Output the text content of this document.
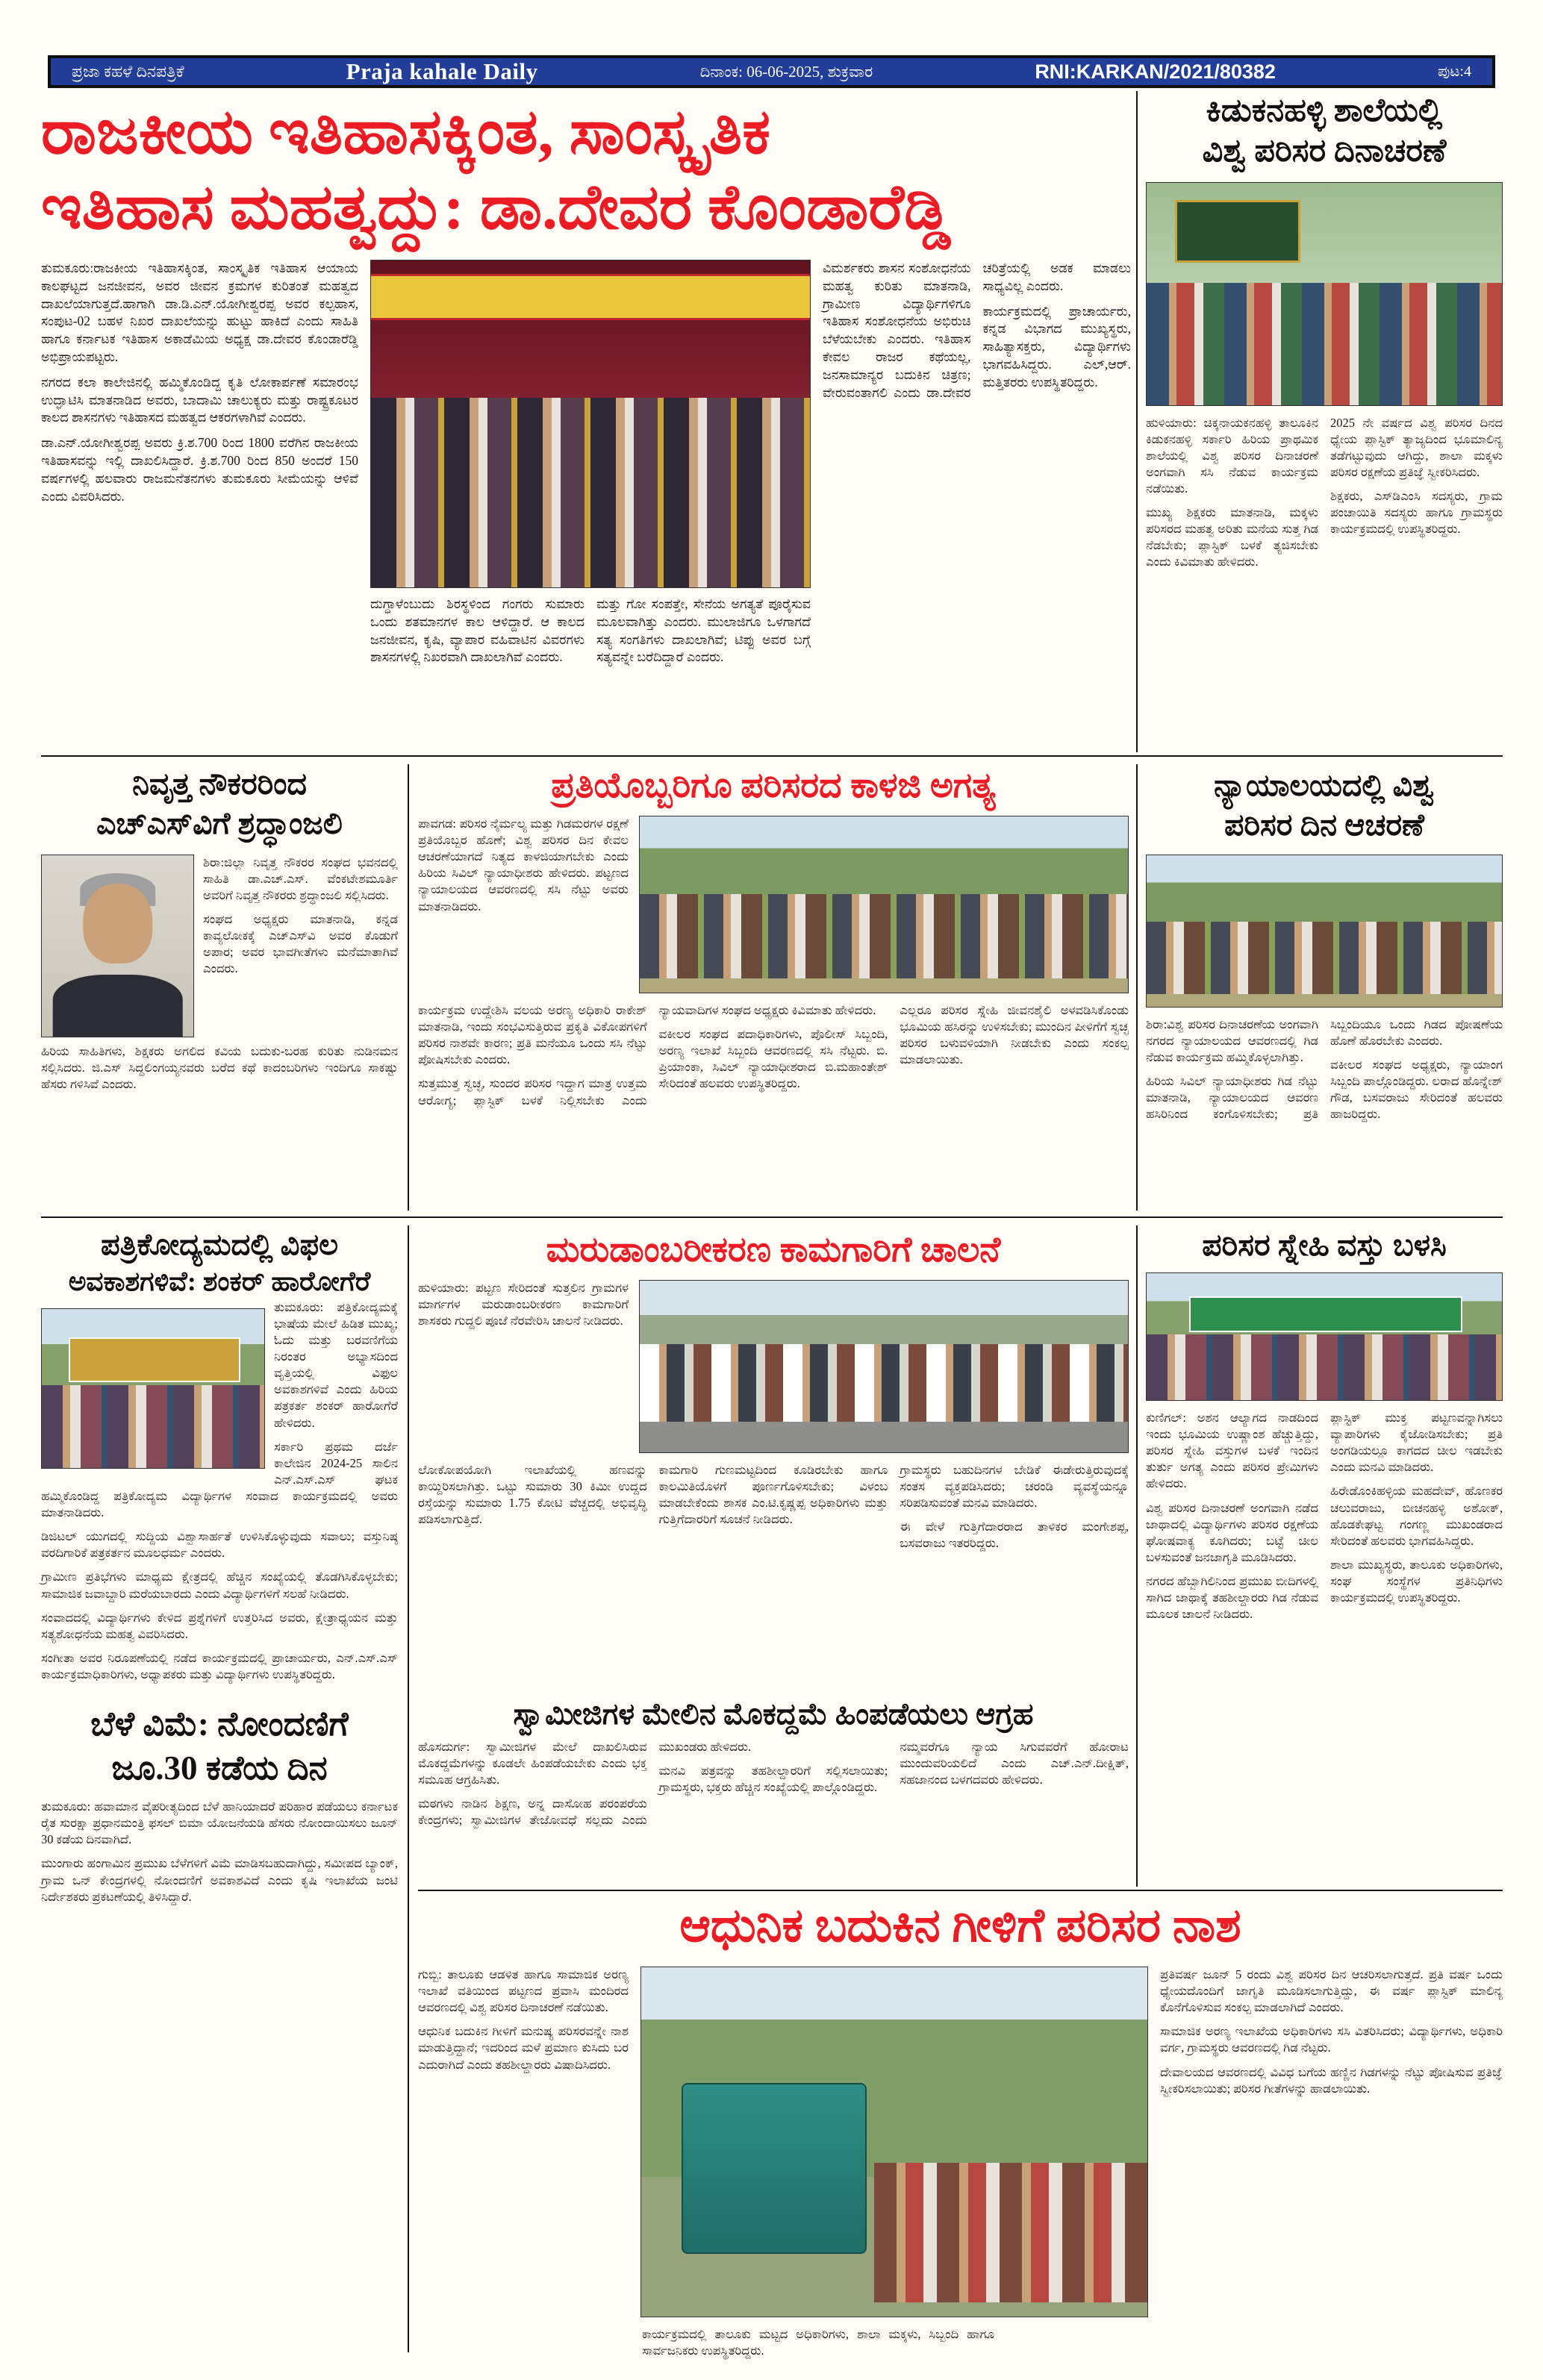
ಪ್ರಜಾ ಕಹಳೆ ದಿನಪತ್ರಿಕೆ	Praja kahale Daily	ದಿನಾಂಕ: 06-06-2025, ಶುಕ್ರವಾರ	RNI:KARKAN/2021/80382	ಪುಟ:4
ರಾಜಕೀಯ ಇತಿಹಾಸಕ್ಕಿಂತ, ಸಾಂಸ್ಕೃತಿಕ
ಇತಿಹಾಸ ಮಹತ್ವದ್ದು: ಡಾ.ದೇವರ ಕೊಂಡಾರೆಡ್ಡಿ
ಕಿಡುಕನಹಳ್ಳಿ ಶಾಲೆಯಲ್ಲಿ
ವಿಶ್ವ ಪರಿಸರ ದಿನಾಚರಣೆ

ಹುಳಿಯಾರು: ಚಿಕ್ಕನಾಯಕನಹಳ್ಳಿ ತಾಲೂಕಿನ ಕಿಡುಕನಹಳ್ಳಿ ಸರ್ಕಾರಿ ಹಿರಿಯ ಪ್ರಾಥಮಿಕ ಶಾಲೆಯಲ್ಲಿ ವಿಶ್ವ ಪರಿಸರ ದಿನಾಚರಣೆ ಅಂಗವಾಗಿ ಸಸಿ ನೆಡುವ ಕಾರ್ಯಕ್ರಮ ನಡೆಯಿತು.

ಮುಖ್ಯ ಶಿಕ್ಷಕರು ಮಾತನಾಡಿ, ಮಕ್ಕಳು ಪರಿಸರದ ಮಹತ್ವ ಅರಿತು ಮನೆಯ ಸುತ್ತ ಗಿಡ ನೆಡಬೇಕು; ಪ್ಲಾಸ್ಟಿಕ್ ಬಳಕೆ ತ್ಯಜಿಸಬೇಕು ಎಂದು ಕಿವಿಮಾತು ಹೇಳಿದರು.

2025 ನೇ ವರ್ಷದ ವಿಶ್ವ ಪರಿಸರ ದಿನದ ಧ್ಯೇಯ ಪ್ಲಾಸ್ಟಿಕ್ ತ್ಯಾಜ್ಯದಿಂದ ಭೂಮಾಲಿನ್ಯ ತಡೆಗಟ್ಟುವುದು ಆಗಿದ್ದು, ಶಾಲಾ ಮಕ್ಕಳು ಪರಿಸರ ರಕ್ಷಣೆಯ ಪ್ರತಿಜ್ಞೆ ಸ್ವೀಕರಿಸಿದರು.

ಶಿಕ್ಷಕರು, ಎಸ್‌ಡಿಎಂಸಿ ಸದಸ್ಯರು, ಗ್ರಾಮ ಪಂಚಾಯಿತಿ ಸದಸ್ಯರು ಹಾಗೂ ಗ್ರಾಮಸ್ಥರು ಕಾರ್ಯಕ್ರಮದಲ್ಲಿ ಉಪಸ್ಥಿತರಿದ್ದರು.

ತುಮಕೂರು:ರಾಜಕೀಯ ಇತಿಹಾಸಕ್ಕಿಂತ, ಸಾಂಸ್ಕೃತಿಕ ಇತಿಹಾಸ ಆಯಾಯ ಕಾಲಘಟ್ಟದ ಜನಜೀವನ, ಅವರ ಜೀವನ ಕ್ರಮಗಳ ಕುರಿತಂತೆ ಮಹತ್ವದ ದಾಖಲೆಯಾಗುತ್ತದೆ.ಹಾಗಾಗಿ ಡಾ.ಡಿ.ಎನ್.ಯೋಗೀಶ್ವರಪ್ಪ ಅವರ ಕಲ್ಪಹಾಸ, ಸಂಪುಟ-02 ಬಹಳ ನಿಖರ ದಾಖಲೆಯನ್ನು ಹುಟ್ಟು ಹಾಕಿದೆ ಎಂದು ಸಾಹಿತಿ ಹಾಗೂ ಕರ್ನಾಟಕ ಇತಿಹಾಸ ಅಕಾಡೆಮಿಯ ಅಧ್ಯಕ್ಷ ಡಾ.ದೇವರ ಕೊಂಡಾರೆಡ್ಡಿ ಅಭಿಪ್ರಾಯಪಟ್ಟರು.

ನಗರದ ಕಲಾ ಕಾಲೇಜಿನಲ್ಲಿ ಹಮ್ಮಿಕೊಂಡಿದ್ದ ಕೃತಿ ಲೋಕಾರ್ಪಣೆ ಸಮಾರಂಭ ಉದ್ಘಾಟಿಸಿ ಮಾತನಾಡಿದ ಅವರು, ಬಾದಾಮಿ ಚಾಲುಕ್ಯರು ಮತ್ತು ರಾಷ್ಟ್ರಕೂಟರ ಕಾಲದ ಶಾಸನಗಳು ಇತಿಹಾಸದ ಮಹತ್ವದ ಆಕರಗಳಾಗಿವೆ ಎಂದರು.

ಡಾ.ಎನ್.ಯೋಗೀಶ್ವರಪ್ಪ ಅವರು ಕ್ರಿ.ಶ.700 ರಿಂದ 1800 ವರೆಗಿನ ರಾಜಕೀಯ ಇತಿಹಾಸವನ್ನು ಇಲ್ಲಿ ದಾಖಲಿಸಿದ್ದಾರೆ. ಕ್ರಿ.ಶ.700 ರಿಂದ 850 ಅಂದರೆ 150 ವರ್ಷಗಳಲ್ಲಿ ಹಲವಾರು ರಾಜಮನೆತನಗಳು ತುಮಕೂರು ಸೀಮೆಯನ್ನು ಆಳಿವೆ ಎಂದು ವಿವರಿಸಿದರು.

ದುಗ್ಧಾಳೆಂಬುದು ಶಿರಸ್ಥಳಿಂದ ಗಂಗರು ಸುಮಾರು ಒಂದು ಶತಮಾನಗಳ ಕಾಲ ಆಳಿದ್ದಾರೆ. ಆ ಕಾಲದ ಜನಜೀವನ, ಕೃಷಿ, ವ್ಯಾಪಾರ ವಹಿವಾಟಿನ ವಿವರಗಳು ಶಾಸನಗಳಲ್ಲಿ ನಿಖರವಾಗಿ ದಾಖಲಾಗಿವೆ ಎಂದರು.

ಮತ್ತು ಗೋ ಸಂಪತ್ತೇ, ಸೇನೆಯ ಅಗತ್ಯತೆ ಪೂರೈಸುವ ಮೂಲವಾಗಿತ್ತು ಎಂದರು. ಮುಲಾಜಿಗೂ ಒಳಗಾಗದೆ ಸತ್ಯ ಸಂಗತಿಗಳು ದಾಖಲಾಗಿವೆ; ಟಿಪ್ಪು ಅವರ ಬಗ್ಗೆ ಸತ್ಯವನ್ನೇ ಬರೆದಿದ್ದಾರೆ ಎಂದರು.

ವಿಮರ್ಶಕರು ಶಾಸನ ಸಂಶೋಧನೆಯ ಮಹತ್ವ ಕುರಿತು ಮಾತನಾಡಿ, ಗ್ರಾಮೀಣ ವಿದ್ಯಾರ್ಥಿಗಳಿಗೂ ಇತಿಹಾಸ ಸಂಶೋಧನೆಯ ಅಭಿರುಚಿ ಬೆಳೆಯಬೇಕು ಎಂದರು. ಇತಿಹಾಸ ಕೇವಲ ರಾಜರ ಕಥೆಯಲ್ಲ, ಜನಸಾಮಾನ್ಯರ ಬದುಕಿನ ಚಿತ್ರಣ; ವೇರುವಂತಾಗಲಿ ಎಂದು ಡಾ.ದೇವರ ಚರಿತ್ರೆಯಲ್ಲಿ ಅಡಕ ಮಾಡಲು ಸಾಧ್ಯವಿಲ್ಲ ಎಂದರು.

ಕಾರ್ಯಕ್ರಮದಲ್ಲಿ ಪ್ರಾಚಾರ್ಯರು, ಕನ್ನಡ ವಿಭಾಗದ ಮುಖ್ಯಸ್ಥರು, ಸಾಹಿತ್ಯಾಸಕ್ತರು, ವಿದ್ಯಾರ್ಥಿಗಳು ಭಾಗವಹಿಸಿದ್ದರು. ಎಲ್,ಆರ್. ಮತ್ತಿತರರು ಉಪಸ್ಥಿತರಿದ್ದರು.

ನಿವೃತ್ತ ನೌಕರರಿಂದ
ಎಚ್‌ಎಸ್‌ವಿಗೆ ಶ್ರದ್ಧಾಂಜಲಿ

ಶಿರಾ:ಜಿಲ್ಲಾ ನಿವೃತ್ತ ನೌಕರರ ಸಂಘದ ಭವನದಲ್ಲಿ ಸಾಹಿತಿ ಡಾ.ಎಚ್.ಎಸ್. ವೆಂಕಟೇಶಮೂರ್ತಿ ಅವರಿಗೆ ನಿವೃತ್ತ ನೌಕರರು ಶ್ರದ್ಧಾಂಜಲಿ ಸಲ್ಲಿಸಿದರು.

ಸಂಘದ ಅಧ್ಯಕ್ಷರು ಮಾತನಾಡಿ, ಕನ್ನಡ ಕಾವ್ಯಲೋಕಕ್ಕೆ ಎಚ್‌ಎಸ್‌ವಿ ಅವರ ಕೊಡುಗೆ ಅಪಾರ; ಅವರ ಭಾವಗೀತೆಗಳು ಮನೆಮಾತಾಗಿವೆ ಎಂದರು.

ಹಿರಿಯ ಸಾಹಿತಿಗಳು, ಶಿಕ್ಷಕರು ಅಗಲಿದ ಕವಿಯ ಬದುಕು-ಬರಹ ಕುರಿತು ನುಡಿನಮನ ಸಲ್ಲಿಸಿದರು. ಜಿ.ಎಸ್ ಸಿದ್ದಲಿಂಗಯ್ಯನವರು ಬರೆದ ಕಥೆ ಕಾದಂಬರಿಗಳು ಇಂದಿಗೂ ಸಾಕಷ್ಟು ಹೆಸರು ಗಳಿಸಿವೆ ಎಂದರು.

ಪ್ರತಿಯೊಬ್ಬರಿಗೂ ಪರಿಸರದ ಕಾಳಜಿ ಅಗತ್ಯ

ಪಾವಗಡ: ಪರಿಸರ ನೈರ್ಮಲ್ಯ ಮತ್ತು ಗಿಡಮರಗಳ ರಕ್ಷಣೆ ಪ್ರತಿಯೊಬ್ಬರ ಹೊಣೆ; ವಿಶ್ವ ಪರಿಸರ ದಿನ ಕೇವಲ ಆಚರಣೆಯಾಗದೆ ನಿತ್ಯದ ಕಾಳಜಿಯಾಗಬೇಕು ಎಂದು ಹಿರಿಯ ಸಿವಿಲ್ ನ್ಯಾಯಾಧೀಶರು ಹೇಳಿದರು. ಪಟ್ಟಣದ ನ್ಯಾಯಾಲಯದ ಆವರಣದಲ್ಲಿ ಸಸಿ ನೆಟ್ಟು ಅವರು ಮಾತನಾಡಿದರು.

ಕಾರ್ಯಕ್ರಮ ಉದ್ದೇಶಿಸಿ ವಲಯ ಅರಣ್ಯ ಅಧಿಕಾರಿ ರಾಕೇಶ್ ಮಾತನಾಡಿ, ಇಂದು ಸಂಭವಿಸುತ್ತಿರುವ ಪ್ರಕೃತಿ ವಿಕೋಪಗಳಿಗೆ ಪರಿಸರ ನಾಶವೇ ಕಾರಣ; ಪ್ರತಿ ಮನೆಯೂ ಒಂದು ಸಸಿ ನೆಟ್ಟು ಪೋಷಿಸಬೇಕು ಎಂದರು.

ಸುತ್ತಮುತ್ತ ಸ್ವಚ್ಛ, ಸುಂದರ ಪರಿಸರ ಇದ್ದಾಗ ಮಾತ್ರ ಉತ್ತಮ ಆರೋಗ್ಯ; ಪ್ಲಾಸ್ಟಿಕ್ ಬಳಕೆ ನಿಲ್ಲಿಸಬೇಕು ಎಂದು ನ್ಯಾಯವಾದಿಗಳ ಸಂಘದ ಅಧ್ಯಕ್ಷರು ಕಿವಿಮಾತು ಹೇಳಿದರು.

ವಕೀಲರ ಸಂಘದ ಪದಾಧಿಕಾರಿಗಳು, ಪೊಲೀಸ್ ಸಿಬ್ಬಂದಿ, ಅರಣ್ಯ ಇಲಾಖೆ ಸಿಬ್ಬಂದಿ ಆವರಣದಲ್ಲಿ ಸಸಿ ನೆಟ್ಟರು. ಬಿ. ಪ್ರಿಯಾಂಕಾ, ಸಿವಿಲ್ ನ್ಯಾಯಾಧೀಶರಾದ ಬಿ.ಮಹಾಂತೇಶ್ ಸೇರಿದಂತೆ ಹಲವರು ಉಪಸ್ಥಿತರಿದ್ದರು.

ಎಲ್ಲರೂ ಪರಿಸರ ಸ್ನೇಹಿ ಜೀವನಶೈಲಿ ಅಳವಡಿಸಿಕೊಂಡು ಭೂಮಿಯ ಹಸಿರನ್ನು ಉಳಿಸಬೇಕು; ಮುಂದಿನ ಪೀಳಿಗೆಗೆ ಸ್ವಚ್ಛ ಪರಿಸರ ಬಳುವಳಿಯಾಗಿ ನೀಡಬೇಕು ಎಂದು ಸಂಕಲ್ಪ ಮಾಡಲಾಯಿತು.

ನ್ಯಾಯಾಲಯದಲ್ಲಿ ವಿಶ್ವ
ಪರಿಸರ ದಿನ ಆಚರಣೆ

ಶಿರಾ:ವಿಶ್ವ ಪರಿಸರ ದಿನಾಚರಣೆಯ ಅಂಗವಾಗಿ ನಗರದ ನ್ಯಾಯಾಲಯದ ಆವರಣದಲ್ಲಿ ಗಿಡ ನೆಡುವ ಕಾರ್ಯಕ್ರಮ ಹಮ್ಮಿಕೊಳ್ಳಲಾಗಿತ್ತು.

ಹಿರಿಯ ಸಿವಿಲ್ ನ್ಯಾಯಾಧೀಶರು ಗಿಡ ನೆಟ್ಟು ಮಾತನಾಡಿ, ನ್ಯಾಯಾಲಯದ ಆವರಣ ಹಸಿರಿನಿಂದ ಕಂಗೊಳಿಸಬೇಕು; ಪ್ರತಿ ಸಿಬ್ಬಂದಿಯೂ ಒಂದು ಗಿಡದ ಪೋಷಣೆಯ ಹೊಣೆ ಹೊರಬೇಕು ಎಂದರು.

ವಕೀಲರ ಸಂಘದ ಅಧ್ಯಕ್ಷರು, ನ್ಯಾಯಾಂಗ ಸಿಬ್ಬಂದಿ ಪಾಲ್ಗೊಂಡಿದ್ದರು. ಲರಾದ ಹೊನ್ನೇಶ್ ಗೌಡ, ಬಸವರಾಜು ಸೇರಿದಂತೆ ಹಲವರು ಹಾಜರಿದ್ದರು.

ಪತ್ರಿಕೋದ್ಯಮದಲ್ಲಿ ವಿಫಲ
ಅವಕಾಶಗಳಿವೆ: ಶಂಕರ್ ಹಾರೋಗೆರೆ

ತುಮಕೂರು: ಪತ್ರಿಕೋದ್ಯಮಕ್ಕೆ ಭಾಷೆಯ ಮೇಲೆ ಹಿಡಿತ ಮುಖ್ಯ; ಓದು ಮತ್ತು ಬರವಣಿಗೆಯ ನಿರಂತರ ಅಭ್ಯಾಸದಿಂದ ವೃತ್ತಿಯಲ್ಲಿ ವಿಫುಲ ಅವಕಾಶಗಳಿವೆ ಎಂದು ಹಿರಿಯ ಪತ್ರಕರ್ತ ಶಂಕರ್ ಹಾರೋಗೆರೆ ಹೇಳಿದರು.

ಸರ್ಕಾರಿ ಪ್ರಥಮ ದರ್ಜೆ ಕಾಲೇಜಿನ 2024-25 ಸಾಲಿನ ಎನ್.ಎಸ್.ಎಸ್ ಘಟಕ ಹಮ್ಮಿಕೊಂಡಿದ್ದ ಪತ್ರಿಕೋದ್ಯಮ ವಿದ್ಯಾರ್ಥಿಗಳ ಸಂವಾದ ಕಾರ್ಯಕ್ರಮದಲ್ಲಿ ಅವರು ಮಾತನಾಡಿದರು.

ಡಿಜಿಟಲ್ ಯುಗದಲ್ಲಿ ಸುದ್ದಿಯ ವಿಶ್ವಾಸಾರ್ಹತೆ ಉಳಿಸಿಕೊಳ್ಳುವುದು ಸವಾಲು; ವಸ್ತುನಿಷ್ಠ ವರದಿಗಾರಿಕೆ ಪತ್ರಕರ್ತನ ಮೂಲಧರ್ಮ ಎಂದರು.

ಗ್ರಾಮೀಣ ಪ್ರತಿಭೆಗಳು ಮಾಧ್ಯಮ ಕ್ಷೇತ್ರದಲ್ಲಿ ಹೆಚ್ಚಿನ ಸಂಖ್ಯೆಯಲ್ಲಿ ತೊಡಗಿಸಿಕೊಳ್ಳಬೇಕು; ಸಾಮಾಜಿಕ ಜವಾಬ್ದಾರಿ ಮರೆಯಬಾರದು ಎಂದು ವಿದ್ಯಾರ್ಥಿಗಳಿಗೆ ಸಲಹೆ ನೀಡಿದರು.

ಸಂವಾದದಲ್ಲಿ ವಿದ್ಯಾರ್ಥಿಗಳು ಕೇಳಿದ ಪ್ರಶ್ನೆಗಳಿಗೆ ಉತ್ತರಿಸಿದ ಅವರು, ಕ್ಷೇತ್ರಾಧ್ಯಯನ ಮತ್ತು ಸತ್ಯಶೋಧನೆಯ ಮಹತ್ವ ವಿವರಿಸಿದರು.

ಸಂಗೀತಾ ಅವರ ನಿರೂಪಣೆಯಲ್ಲಿ ನಡೆದ ಕಾರ್ಯಕ್ರಮದಲ್ಲಿ ಪ್ರಾಚಾರ್ಯರು, ಎನ್.ಎಸ್.ಎಸ್ ಕಾರ್ಯಕ್ರಮಾಧಿಕಾರಿಗಳು, ಅಧ್ಯಾಪಕರು ಮತ್ತು ವಿದ್ಯಾರ್ಥಿಗಳು ಉಪಸ್ಥಿತರಿದ್ದರು.

ಬೆಳೆ ವಿಮೆ: ನೋಂದಣಿಗೆ
ಜೂ.30 ಕಡೆಯ ದಿನ

ತುಮಕೂರು: ಹವಾಮಾನ ವೈಪರೀತ್ಯದಿಂದ ಬೆಳೆ ಹಾನಿಯಾದರೆ ಪರಿಹಾರ ಪಡೆಯಲು ಕರ್ನಾಟಕ ರೈತ ಸುರಕ್ಷಾ ಪ್ರಧಾನಮಂತ್ರಿ ಫಸಲ್ ಬಿಮಾ ಯೋಜನೆಯಡಿ ಹೆಸರು ನೋಂದಾಯಿಸಲು ಜೂನ್ 30 ಕಡೆಯ ದಿನವಾಗಿದೆ.

ಮುಂಗಾರು ಹಂಗಾಮಿನ ಪ್ರಮುಖ ಬೆಳೆಗಳಿಗೆ ವಿಮೆ ಮಾಡಿಸಬಹುದಾಗಿದ್ದು, ಸಮೀಪದ ಬ್ಯಾಂಕ್, ಗ್ರಾಮ ಒನ್ ಕೇಂದ್ರಗಳಲ್ಲಿ ನೋಂದಣಿಗೆ ಅವಕಾಶವಿದೆ ಎಂದು ಕೃಷಿ ಇಲಾಖೆಯ ಜಂಟಿ ನಿರ್ದೇಶಕರು ಪ್ರಕಟಣೆಯಲ್ಲಿ ತಿಳಿಸಿದ್ದಾರೆ.

ಮರುಡಾಂಬರೀಕರಣ ಕಾಮಗಾರಿಗೆ ಚಾಲನೆ

ಹುಳಿಯಾರು: ಪಟ್ಟಣ ಸೇರಿದಂತೆ ಸುತ್ತಲಿನ ಗ್ರಾಮಗಳ ಮಾರ್ಗಗಳ ಮರುಡಾಂಬರೀಕರಣ ಕಾಮಗಾರಿಗೆ ಶಾಸಕರು ಗುದ್ದಲಿ ಪೂಜೆ ನೆರವೇರಿಸಿ ಚಾಲನೆ ನೀಡಿದರು.

ಲೋಕೋಪಯೋಗಿ ಇಲಾಖೆಯಲ್ಲಿ ಹಣವನ್ನು ಕಾಯ್ದಿರಿಸಲಾಗಿತ್ತು. ಒಟ್ಟು ಸುಮಾರು 30 ಕಿಮೀ ಉದ್ದದ ರಸ್ತೆಯನ್ನು ಸುಮಾರು 1.75 ಕೋಟಿ ವೆಚ್ಚದಲ್ಲಿ ಅಭಿವೃದ್ಧಿ ಪಡಿಸಲಾಗುತ್ತಿದೆ.

ಕಾಮಗಾರಿ ಗುಣಮಟ್ಟದಿಂದ ಕೂಡಿರಬೇಕು ಹಾಗೂ ಕಾಲಮಿತಿಯೊಳಗೆ ಪೂರ್ಣಗೊಳಿಸಬೇಕು; ವಿಳಂಬ ಮಾಡಬೇಕೆಂದು ಶಾಸಕ ಎಂ.ಟಿ.ಕೃಷ್ಣಪ್ಪ ಅಧಿಕಾರಿಗಳು ಮತ್ತು ಗುತ್ತಿಗೆದಾರರಿಗೆ ಸೂಚನೆ ನೀಡಿದರು.

ಗ್ರಾಮಸ್ಥರು ಬಹುದಿನಗಳ ಬೇಡಿಕೆ ಈಡೇರುತ್ತಿರುವುದಕ್ಕೆ ಸಂತಸ ವ್ಯಕ್ತಪಡಿಸಿದರು; ಚರಂಡಿ ವ್ಯವಸ್ಥೆಯನ್ನೂ ಸರಿಪಡಿಸುವಂತೆ ಮನವಿ ಮಾಡಿದರು.

ಈ ವೇಳೆ ಗುತ್ತಿಗೆದಾರರಾದ ತಾಳಿಕರ ಮಂಗೇಶಪ್ಪ, ಬಸವರಾಜು ಇತರರಿದ್ದರು.

ಸ್ವಾಮೀಜಿಗಳ ಮೇಲಿನ ಮೊಕದ್ದಮೆ ಹಿಂಪಡೆಯಲು ಆಗ್ರಹ

ಹೊಸದುರ್ಗ: ಸ್ವಾಮೀಜಿಗಳ ಮೇಲೆ ದಾಖಲಿಸಿರುವ ಮೊಕದ್ದಮೆಗಳನ್ನು ಕೂಡಲೇ ಹಿಂಪಡೆಯಬೇಕು ಎಂದು ಭಕ್ತ ಸಮೂಹ ಆಗ್ರಹಿಸಿತು.

ಮಠಗಳು ನಾಡಿನ ಶಿಕ್ಷಣ, ಅನ್ನ ದಾಸೋಹ ಪರಂಪರೆಯ ಕೇಂದ್ರಗಳು; ಸ್ವಾಮೀಜಿಗಳ ತೇಜೋವಧೆ ಸಲ್ಲದು ಎಂದು ಮುಖಂಡರು ಹೇಳಿದರು.

ಮನವಿ ಪತ್ರವನ್ನು ತಹಶೀಲ್ದಾರರಿಗೆ ಸಲ್ಲಿಸಲಾಯಿತು; ಗ್ರಾಮಸ್ಥರು, ಭಕ್ತರು ಹೆಚ್ಚಿನ ಸಂಖ್ಯೆಯಲ್ಲಿ ಪಾಲ್ಗೊಂಡಿದ್ದರು.

ನಮ್ಮವರೆಗೂ ನ್ಯಾಯ ಸಿಗುವವರೆಗೆ ಹೋರಾಟ ಮುಂದುವರಿಯಲಿದೆ ಎಂದು ಎಚ್.ಎನ್.ದೀಕ್ಷಿತ್, ಸಹಜಾನಂದ ಬಳಗದವರು ಹೇಳಿದರು.

ಪರಿಸರ ಸ್ನೇಹಿ ವಸ್ತು ಬಳಸಿ

ಕುಣಿಗಲ್: ಅಶನ ಆಲ್ಯಾಗದ ನಾಡದಿಂದ ಇಂದು ಭೂಮಿಯ ಉಷ್ಣಾಂಶ ಹೆಚ್ಚುತ್ತಿದ್ದು, ಪರಿಸರ ಸ್ನೇಹಿ ವಸ್ತುಗಳ ಬಳಕೆ ಇಂದಿನ ತುರ್ತು ಅಗತ್ಯ ಎಂದು ಪರಿಸರ ಪ್ರೇಮಿಗಳು ಹೇಳಿದರು.

ವಿಶ್ವ ಪರಿಸರ ದಿನಾಚರಣೆ ಅಂಗವಾಗಿ ನಡೆದ ಜಾಥಾದಲ್ಲಿ ವಿದ್ಯಾರ್ಥಿಗಳು ಪರಿಸರ ರಕ್ಷಣೆಯ ಘೋಷವಾಕ್ಯ ಕೂಗಿದರು; ಬಟ್ಟೆ ಚೀಲ ಬಳಸುವಂತೆ ಜನಜಾಗೃತಿ ಮೂಡಿಸಿದರು.

ನಗರದ ಹೆಬ್ಬಾಗಿಲಿನಿಂದ ಪ್ರಮುಖ ಬೀದಿಗಳಲ್ಲಿ ಸಾಗಿದ ಜಾಥಾಕ್ಕೆ ತಹಶೀಲ್ದಾರರು ಗಿಡ ನೆಡುವ ಮೂಲಕ ಚಾಲನೆ ನೀಡಿದರು.

ಪ್ಲಾಸ್ಟಿಕ್ ಮುಕ್ತ ಪಟ್ಟಣವನ್ನಾಗಿಸಲು ವ್ಯಾಪಾರಿಗಳು ಕೈಜೋಡಿಸಬೇಕು; ಪ್ರತಿ ಅಂಗಡಿಯಲ್ಲೂ ಕಾಗದದ ಚೀಲ ಇಡಬೇಕು ಎಂದು ಮನವಿ ಮಾಡಿದರು.

ಹಿರೇಡೊಂಕಿಹಳ್ಳಿಯ ಮಹದೇವ್, ಹೊಣಕರ ಚಲುವರಾಜು, ಬೀಚನಹಳ್ಳಿ ಅಶೋಕ್, ಹೊಡಕೇಘಟ್ಟ ಗಂಗಣ್ಣ ಮುಖಂಡರಾದ ಸೇರಿದಂತೆ ಹಲವರು ಭಾಗವಹಿಸಿದ್ದರು.

ಶಾಲಾ ಮುಖ್ಯಸ್ಥರು, ತಾಲೂಕು ಅಧಿಕಾರಿಗಳು, ಸಂಘ ಸಂಸ್ಥೆಗಳ ಪ್ರತಿನಿಧಿಗಳು ಕಾರ್ಯಕ್ರಮದಲ್ಲಿ ಉಪಸ್ಥಿತರಿದ್ದರು.

ಆಧುನಿಕ ಬದುಕಿನ ಗೀಳಿಗೆ ಪರಿಸರ ನಾಶ

ಗುಬ್ಬಿ: ತಾಲೂಕು ಆಡಳಿತ ಹಾಗೂ ಸಾಮಾಜಿಕ ಅರಣ್ಯ ಇಲಾಖೆ ವತಿಯಿಂದ ಪಟ್ಟಣದ ಪ್ರವಾಸಿ ಮಂದಿರದ ಆವರಣದಲ್ಲಿ ವಿಶ್ವ ಪರಿಸರ ದಿನಾಚರಣೆ ನಡೆಯಿತು.

ಆಧುನಿಕ ಬದುಕಿನ ಗೀಳಿಗೆ ಮನುಷ್ಯ ಪರಿಸರವನ್ನೇ ನಾಶ ಮಾಡುತ್ತಿದ್ದಾನೆ; ಇದರಿಂದ ಮಳೆ ಪ್ರಮಾಣ ಕುಸಿದು ಬರ ಎದುರಾಗಿದೆ ಎಂದು ತಹಶೀಲ್ದಾರರು ವಿಷಾದಿಸಿದರು.

ಪ್ರತಿವರ್ಷ ಜೂನ್ 5 ರಂದು ವಿಶ್ವ ಪರಿಸರ ದಿನ ಆಚರಿಸಲಾಗುತ್ತದೆ. ಪ್ರತಿ ವರ್ಷ ಒಂದು ಧ್ಯೇಯದೊಂದಿಗೆ ಜಾಗೃತಿ ಮೂಡಿಸಲಾಗುತ್ತಿದ್ದು, ಈ ವರ್ಷ ಪ್ಲಾಸ್ಟಿಕ್ ಮಾಲಿನ್ಯ ಕೊನೆಗೊಳಿಸುವ ಸಂಕಲ್ಪ ಮಾಡಲಾಗಿದೆ ಎಂದರು.

ಸಾಮಾಜಿಕ ಅರಣ್ಯ ಇಲಾಖೆಯ ಅಧಿಕಾರಿಗಳು ಸಸಿ ವಿತರಿಸಿದರು; ವಿದ್ಯಾರ್ಥಿಗಳು, ಅಧಿಕಾರಿ ವರ್ಗ, ಗ್ರಾಮಸ್ಥರು ಆವರಣದಲ್ಲಿ ಗಿಡ ನೆಟ್ಟರು.

ದೇವಾಲಯದ ಆವರಣದಲ್ಲಿ ವಿವಿಧ ಬಗೆಯ ಹಣ್ಣಿನ ಗಿಡಗಳನ್ನು ನೆಟ್ಟು ಪೋಷಿಸುವ ಪ್ರತಿಜ್ಞೆ ಸ್ವೀಕರಿಸಲಾಯಿತು; ಪರಿಸರ ಗೀತೆಗಳನ್ನು ಹಾಡಲಾಯಿತು.

ಕಾರ್ಯಕ್ರಮದಲ್ಲಿ ತಾಲೂಕು ಮಟ್ಟದ ಅಧಿಕಾರಿಗಳು, ಶಾಲಾ ಮಕ್ಕಳು, ಸಿಬ್ಬಂದಿ ಹಾಗೂ ಸಾರ್ವಜನಿಕರು ಉಪಸ್ಥಿತರಿದ್ದರು.
